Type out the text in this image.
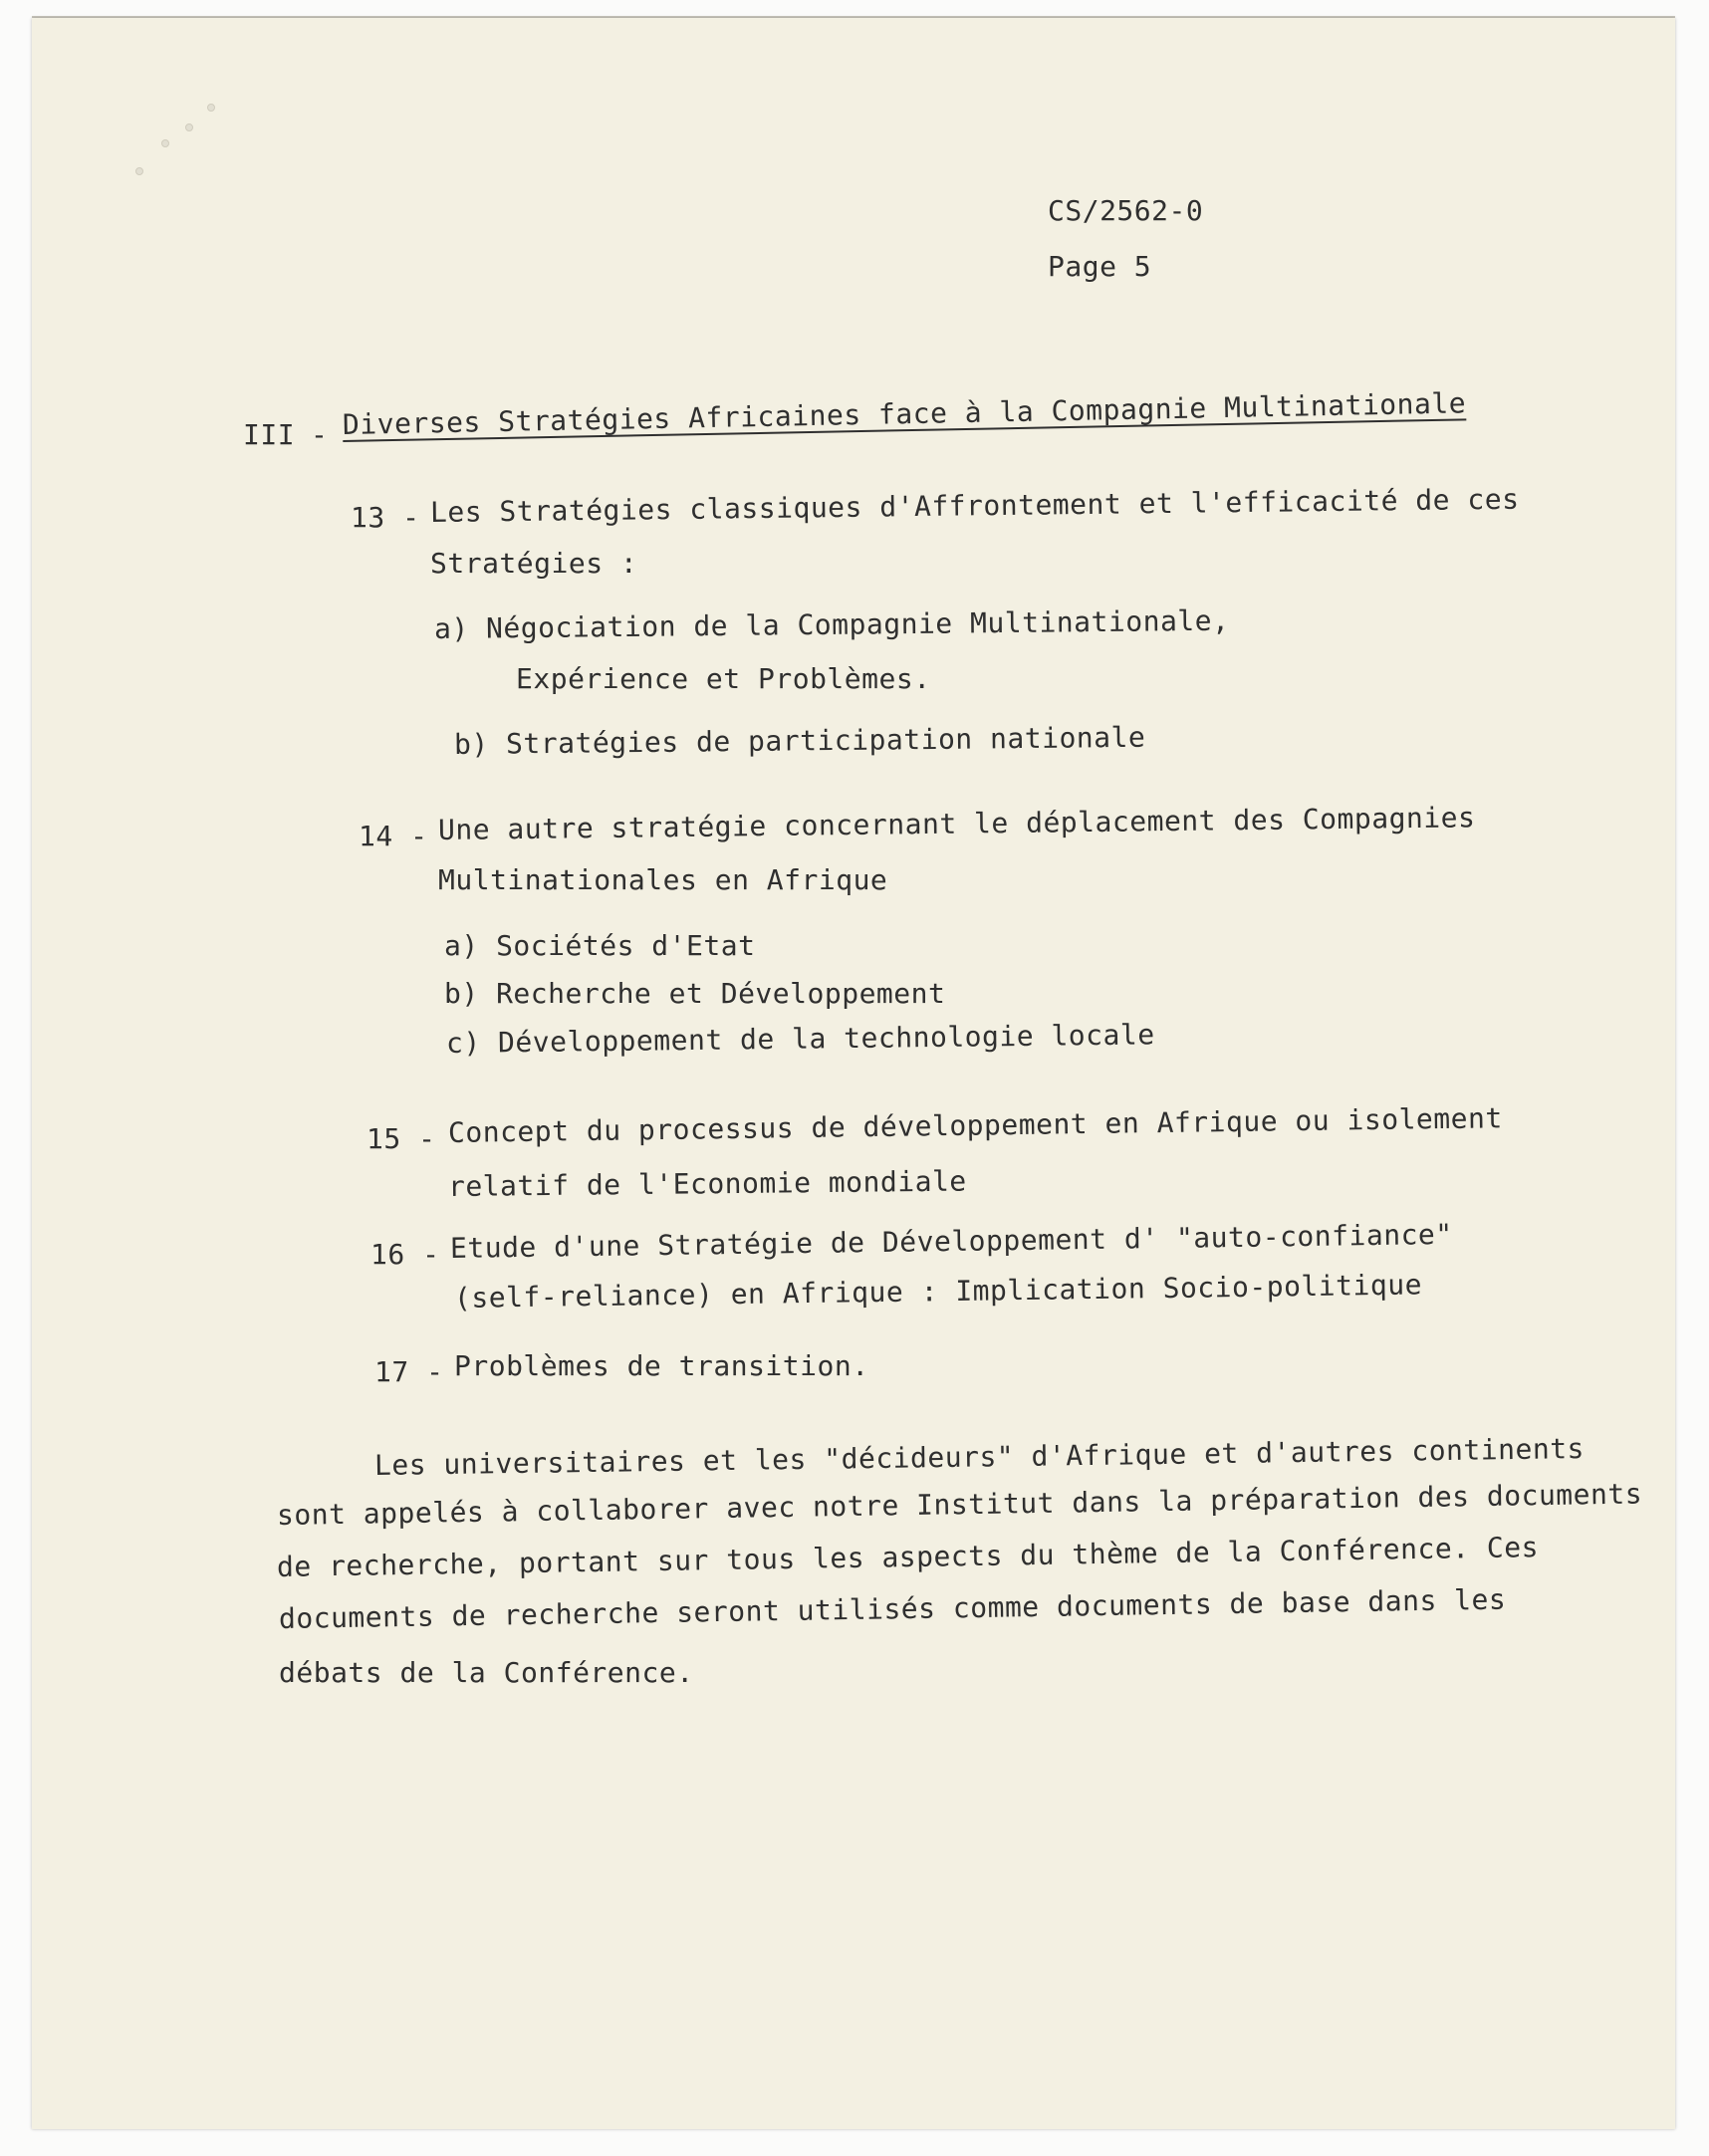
CS/2562-0
Page 5
III - Diverses Stratégies Africaines face à la Compagnie Multinationale
13 - Les Stratégies classiques d'Affrontement et l'efficacité de ces
Stratégies :
a) Négociation de la Compagnie Multinationale,
Expérience et Problèmes.
b) Stratégies de participation nationale
14 - Une autre stratégie concernant le déplacement des Compagnies
Multinationales en Afrique
a) Sociétés d'Etat
b) Recherche et Développement
c) Développement de la technologie locale
15 - Concept du processus de développement en Afrique ou isolement
relatif de l'Economie mondiale
16 - Etude d'une Stratégie de Développement d' "auto-confiance"
(self-reliance) en Afrique : Implication Socio-politique
17 - Problèmes de transition.
Les universitaires et les "décideurs" d'Afrique et d'autres continents
sont appelés à collaborer avec notre Institut dans la préparation des documents
de recherche, portant sur tous les aspects du thème de la Conférence. Ces
documents de recherche seront utilisés comme documents de base dans les
débats de la Conférence.
